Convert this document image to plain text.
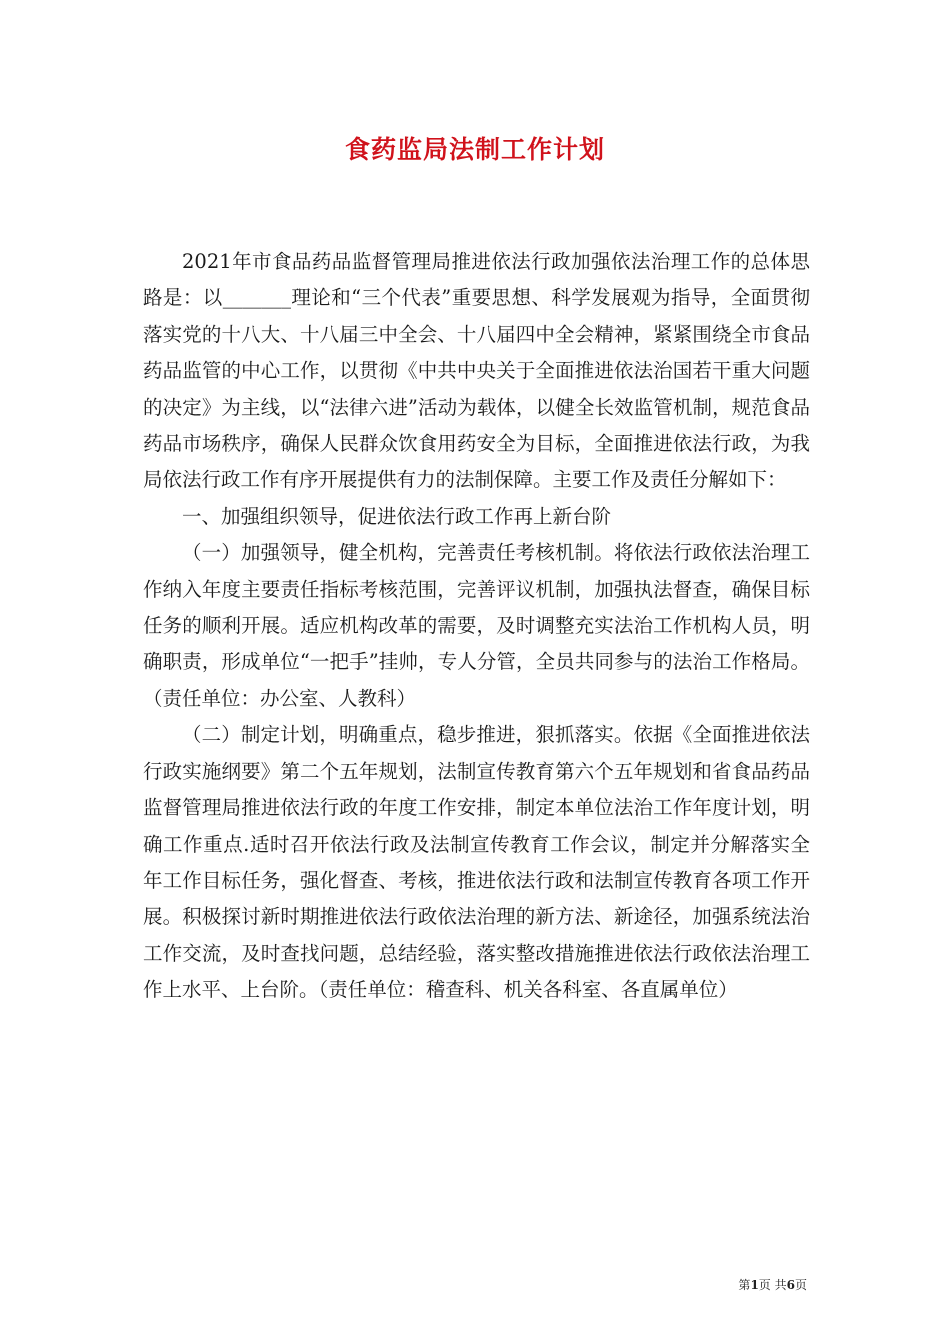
食药监局法制工作计划

2021年市食品药品监督管理局推进依法行政加强依法治理工作的总体思路是：以_______理论和“三个代表”重要思想、科学发展观为指导，全面贯彻落实党的十八大、十八届三中全会、十八届四中全会精神，紧紧围绕全市食品药品监管的中心工作，以贯彻《中共中央关于全面推进依法治国若干重大问题的决定》为主线，以“法律六进”活动为载体，以健全长效监管机制，规范食品药品市场秩序，确保人民群众饮食用药安全为目标，全面推进依法行政，为我局依法行政工作有序开展提供有力的法制保障。主要工作及责任分解如下：

一、加强组织领导，促进依法行政工作再上新台阶

（一）加强领导，健全机构，完善责任考核机制。将依法行政依法治理工作纳入年度主要责任指标考核范围，完善评议机制，加强执法督查，确保目标任务的顺利开展。适应机构改革的需要，及时调整充实法治工作机构人员，明确职责，形成单位“一把手”挂帅，专人分管，全员共同参与的法治工作格局。（责任单位：办公室、人教科）

（二）制定计划，明确重点，稳步推进，狠抓落实。依据《全面推进依法行政实施纲要》第二个五年规划，法制宣传教育第六个五年规划和省食品药品监督管理局推进依法行政的年度工作安排，制定本单位法治工作年度计划，明确工作重点.适时召开依法行政及法制宣传教育工作会议，制定并分解落实全年工作目标任务，强化督查、考核，推进依法行政和法制宣传教育各项工作开展。积极探讨新时期推进依法行政依法治理的新方法、新途径，加强系统法治工作交流，及时查找问题，总结经验，落实整改措施推进依法行政依法治理工作上水平、上台阶。（责任单位：稽查科、机关各科室、各直属单位）

第1页 共6页
